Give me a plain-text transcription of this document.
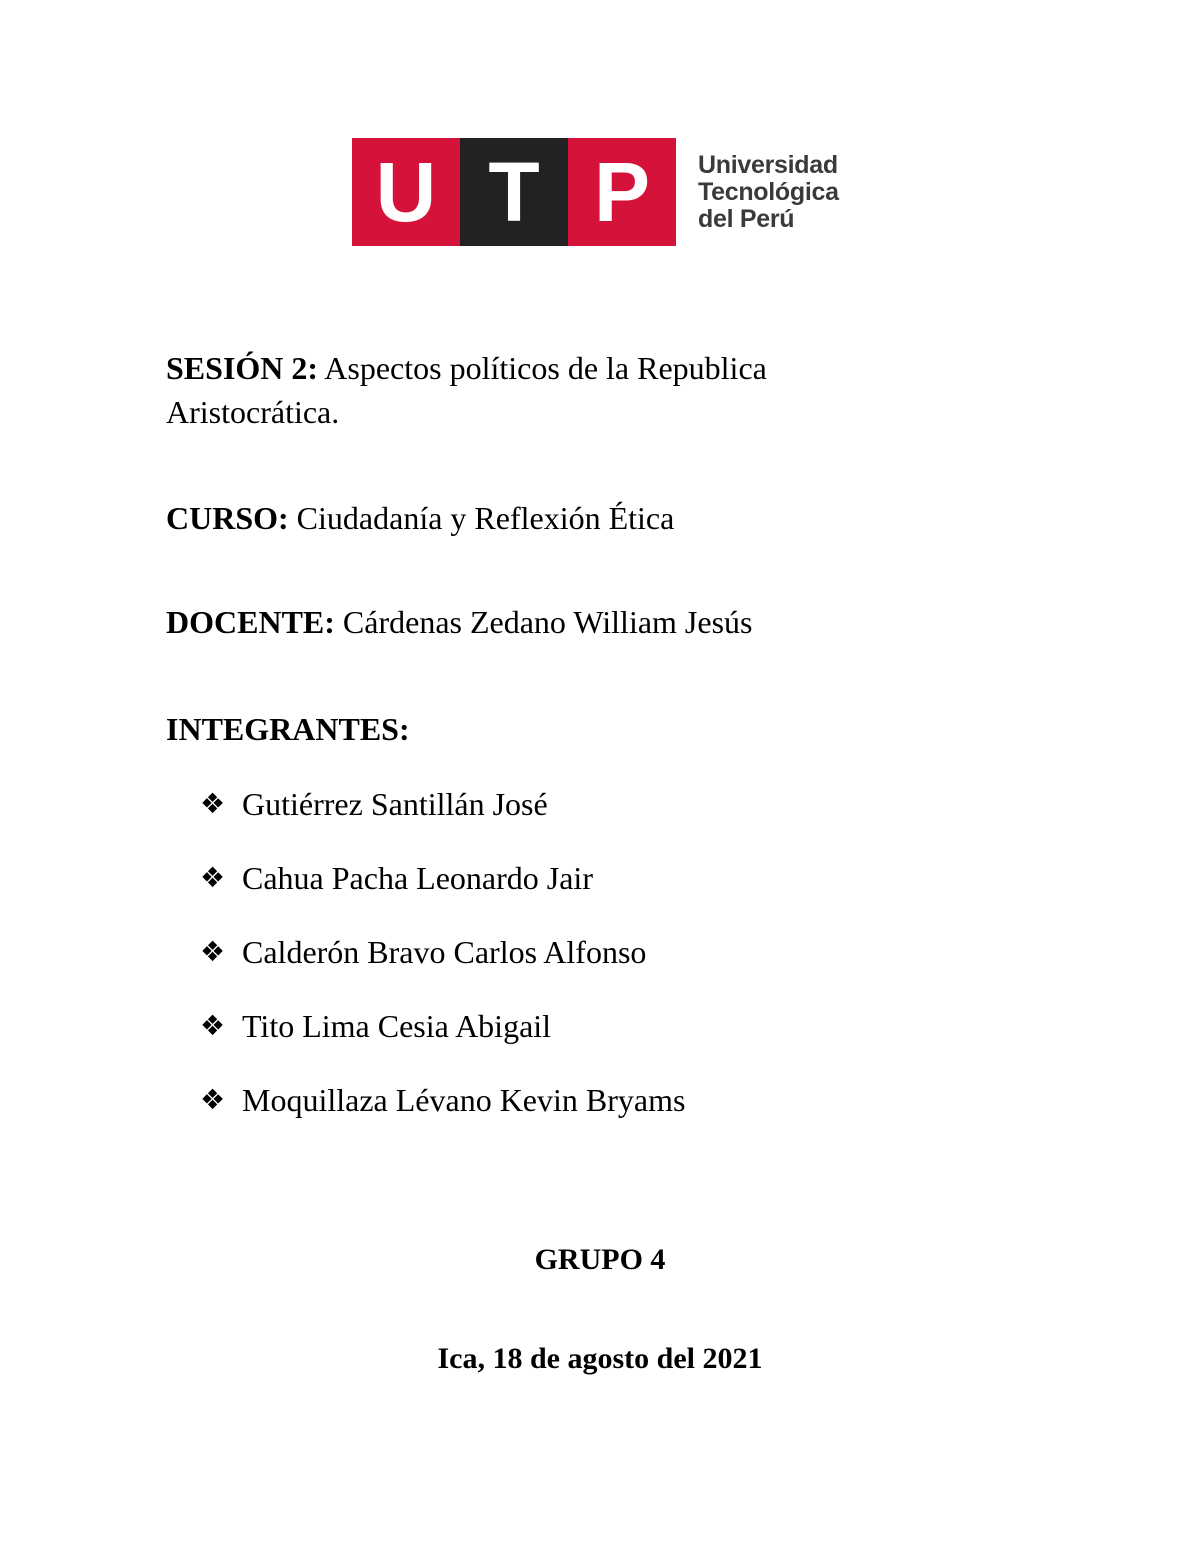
U T P	Universidad
Tecnológica
del Perú
SESIÓN 2: Aspectos políticos de la Republica
Aristocrática.
CURSO: Ciudadanía y Reflexión Ética
DOCENTE: Cárdenas Zedano William Jesús
INTEGRANTES:
❖ Gutiérrez Santillán José
❖ Cahua Pacha Leonardo Jair
❖ Calderón Bravo Carlos Alfonso
❖ Tito Lima Cesia Abigail
❖ Moquillaza Lévano Kevin Bryams
GRUPO 4
Ica, 18 de agosto del 2021
